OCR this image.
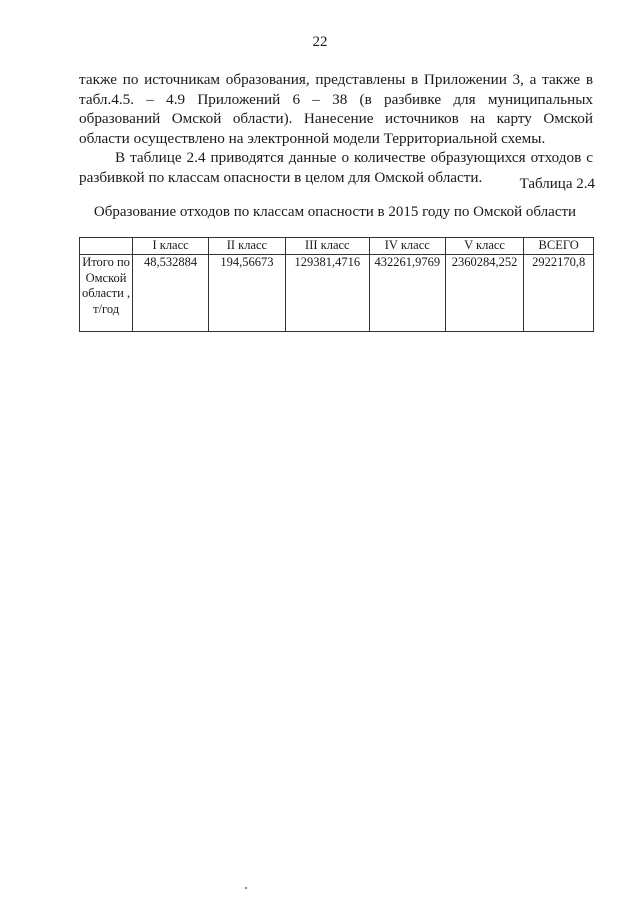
22

также по источникам образования, представлены в Приложении 3, а также в табл.4.5. – 4.9 Приложений 6 – 38 (в разбивке для муниципальных образований Омской области). Нанесение источников на карту Омской области осуществлено на электронной модели Территориальной схемы.

В таблице 2.4 приводятся данные о количестве образующихся отходов с разбивкой по классам опасности в целом для Омской области.	Таблица 2.4
Образование отходов по классам опасности в 2015 году по Омской области
	I класс	II класс	III класс	IV класс	V класс	ВСЕГО
Итого по Омской области , т/год	48,532884	194,56673	129381,4716	432261,9769	2360284,252	2922170,8
